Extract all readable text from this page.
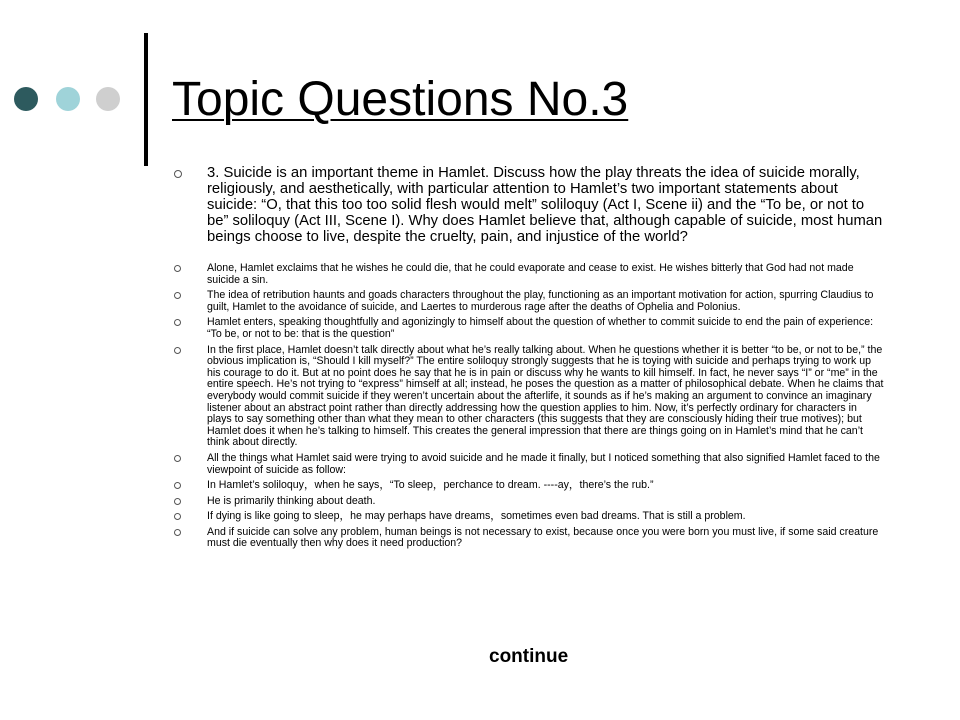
Topic Questions No.3
3. Suicide is an important theme in Hamlet. Discuss how the play threats the idea of suicide morally, religiously, and aesthetically, with particular attention to Hamlet’s two important statements about suicide: “O, that this too too solid flesh would melt” soliloquy (Act I, Scene ii) and the “To be, or not to be” soliloquy (Act III, Scene I). Why does Hamlet believe that, although capable of suicide, most human beings choose to live, despite the cruelty, pain, and injustice of the world?
Alone, Hamlet exclaims that he wishes he could die, that he could evaporate and cease to exist. He wishes bitterly that God had not made suicide a sin.
The idea of retribution haunts and goads characters throughout the play, functioning as an important motivation for action, spurring Claudius to guilt, Hamlet to the avoidance of suicide, and Laertes to murderous rage after the deaths of Ophelia and Polonius.
Hamlet enters, speaking thoughtfully and agonizingly to himself about the question of whether to commit suicide to end the pain of experience: “To be, or not to be: that is the question”
In the first place, Hamlet doesn’t talk directly about what he’s really talking about. When he questions whether it is better “to be, or not to be,” the obvious implication is, “Should I kill myself?” The entire soliloquy strongly suggests that he is toying with suicide and perhaps trying to work up his courage to do it. But at no point does he say that he is in pain or discuss why he wants to kill himself. In fact, he never says “I” or “me” in the entire speech. He’s not trying to “express” himself at all; instead, he poses the question as a matter of philosophical debate. When he claims that everybody would commit suicide if they weren’t uncertain about the afterlife, it sounds as if he’s making an argument to convince an imaginary listener about an abstract point rather than directly addressing how the question applies to him. Now, it’s perfectly ordinary for characters in plays to say something other than what they mean to other characters (this suggests that they are consciously hiding their true motives); but Hamlet does it when he’s talking to himself. This creates the general impression that there are things going on in Hamlet’s mind that he can’t think about directly.
All the things what Hamlet said were trying to avoid suicide and he made it finally, but I noticed something that also signified Hamlet faced to the viewpoint of suicide as follow:
In Hamlet’s soliloquy，when he says，“To sleep，perchance to dream. ----ay，there’s the rub.”
He is primarily thinking about death.
If dying is like going to sleep，he may perhaps have dreams，sometimes even bad dreams. That is still a problem.
And if suicide can solve any problem, human beings is not necessary to exist, because once you were born you must live, if some said creature must die eventually then why does it need production?
continue
